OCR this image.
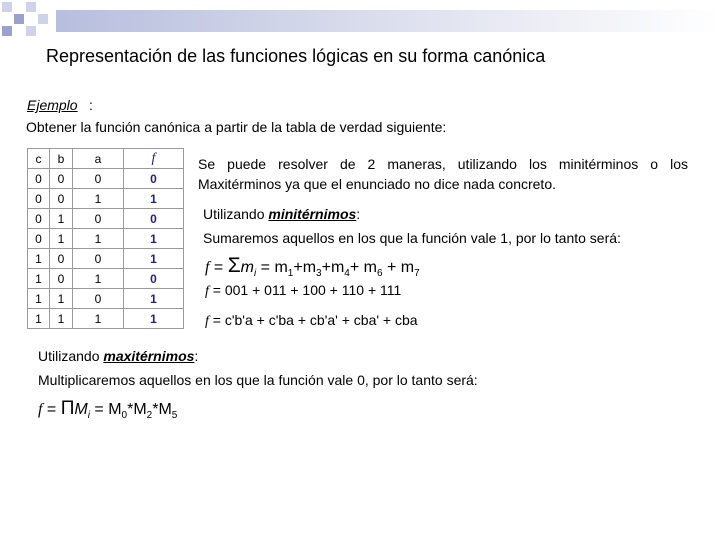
Representación de las funciones lógicas en su forma canónica
Ejemplo :
Obtener la función canónica a partir de la tabla de verdad siguiente:
c	b	a	f
0	0	0	0
0	0	1	1
0	1	0	0
0	1	1	1
1	0	0	1
1	0	1	0
1	1	0	1
1	1	1	1
Se puede resolver de 2 maneras, utilizando los minitérminos o los Maxitérminos ya que el enunciado no dice nada concreto.
Utilizando minitérnimos:
Sumaremos aquellos en los que la función vale 1, por lo tanto será:
$f = \Sigma m_i = m_1+m_3+m_4+ m_6 + m_7$
f = 001 + 011 + 100 + 110 + 111
f = c'b'a + c'ba + cb'a' + cba' + cba
Utilizando maxitérnimos:
Multiplicaremos aquellos en los que la función vale 0, por lo tanto será:
$f = \Pi M_i = M_0*M_2*M_5$
